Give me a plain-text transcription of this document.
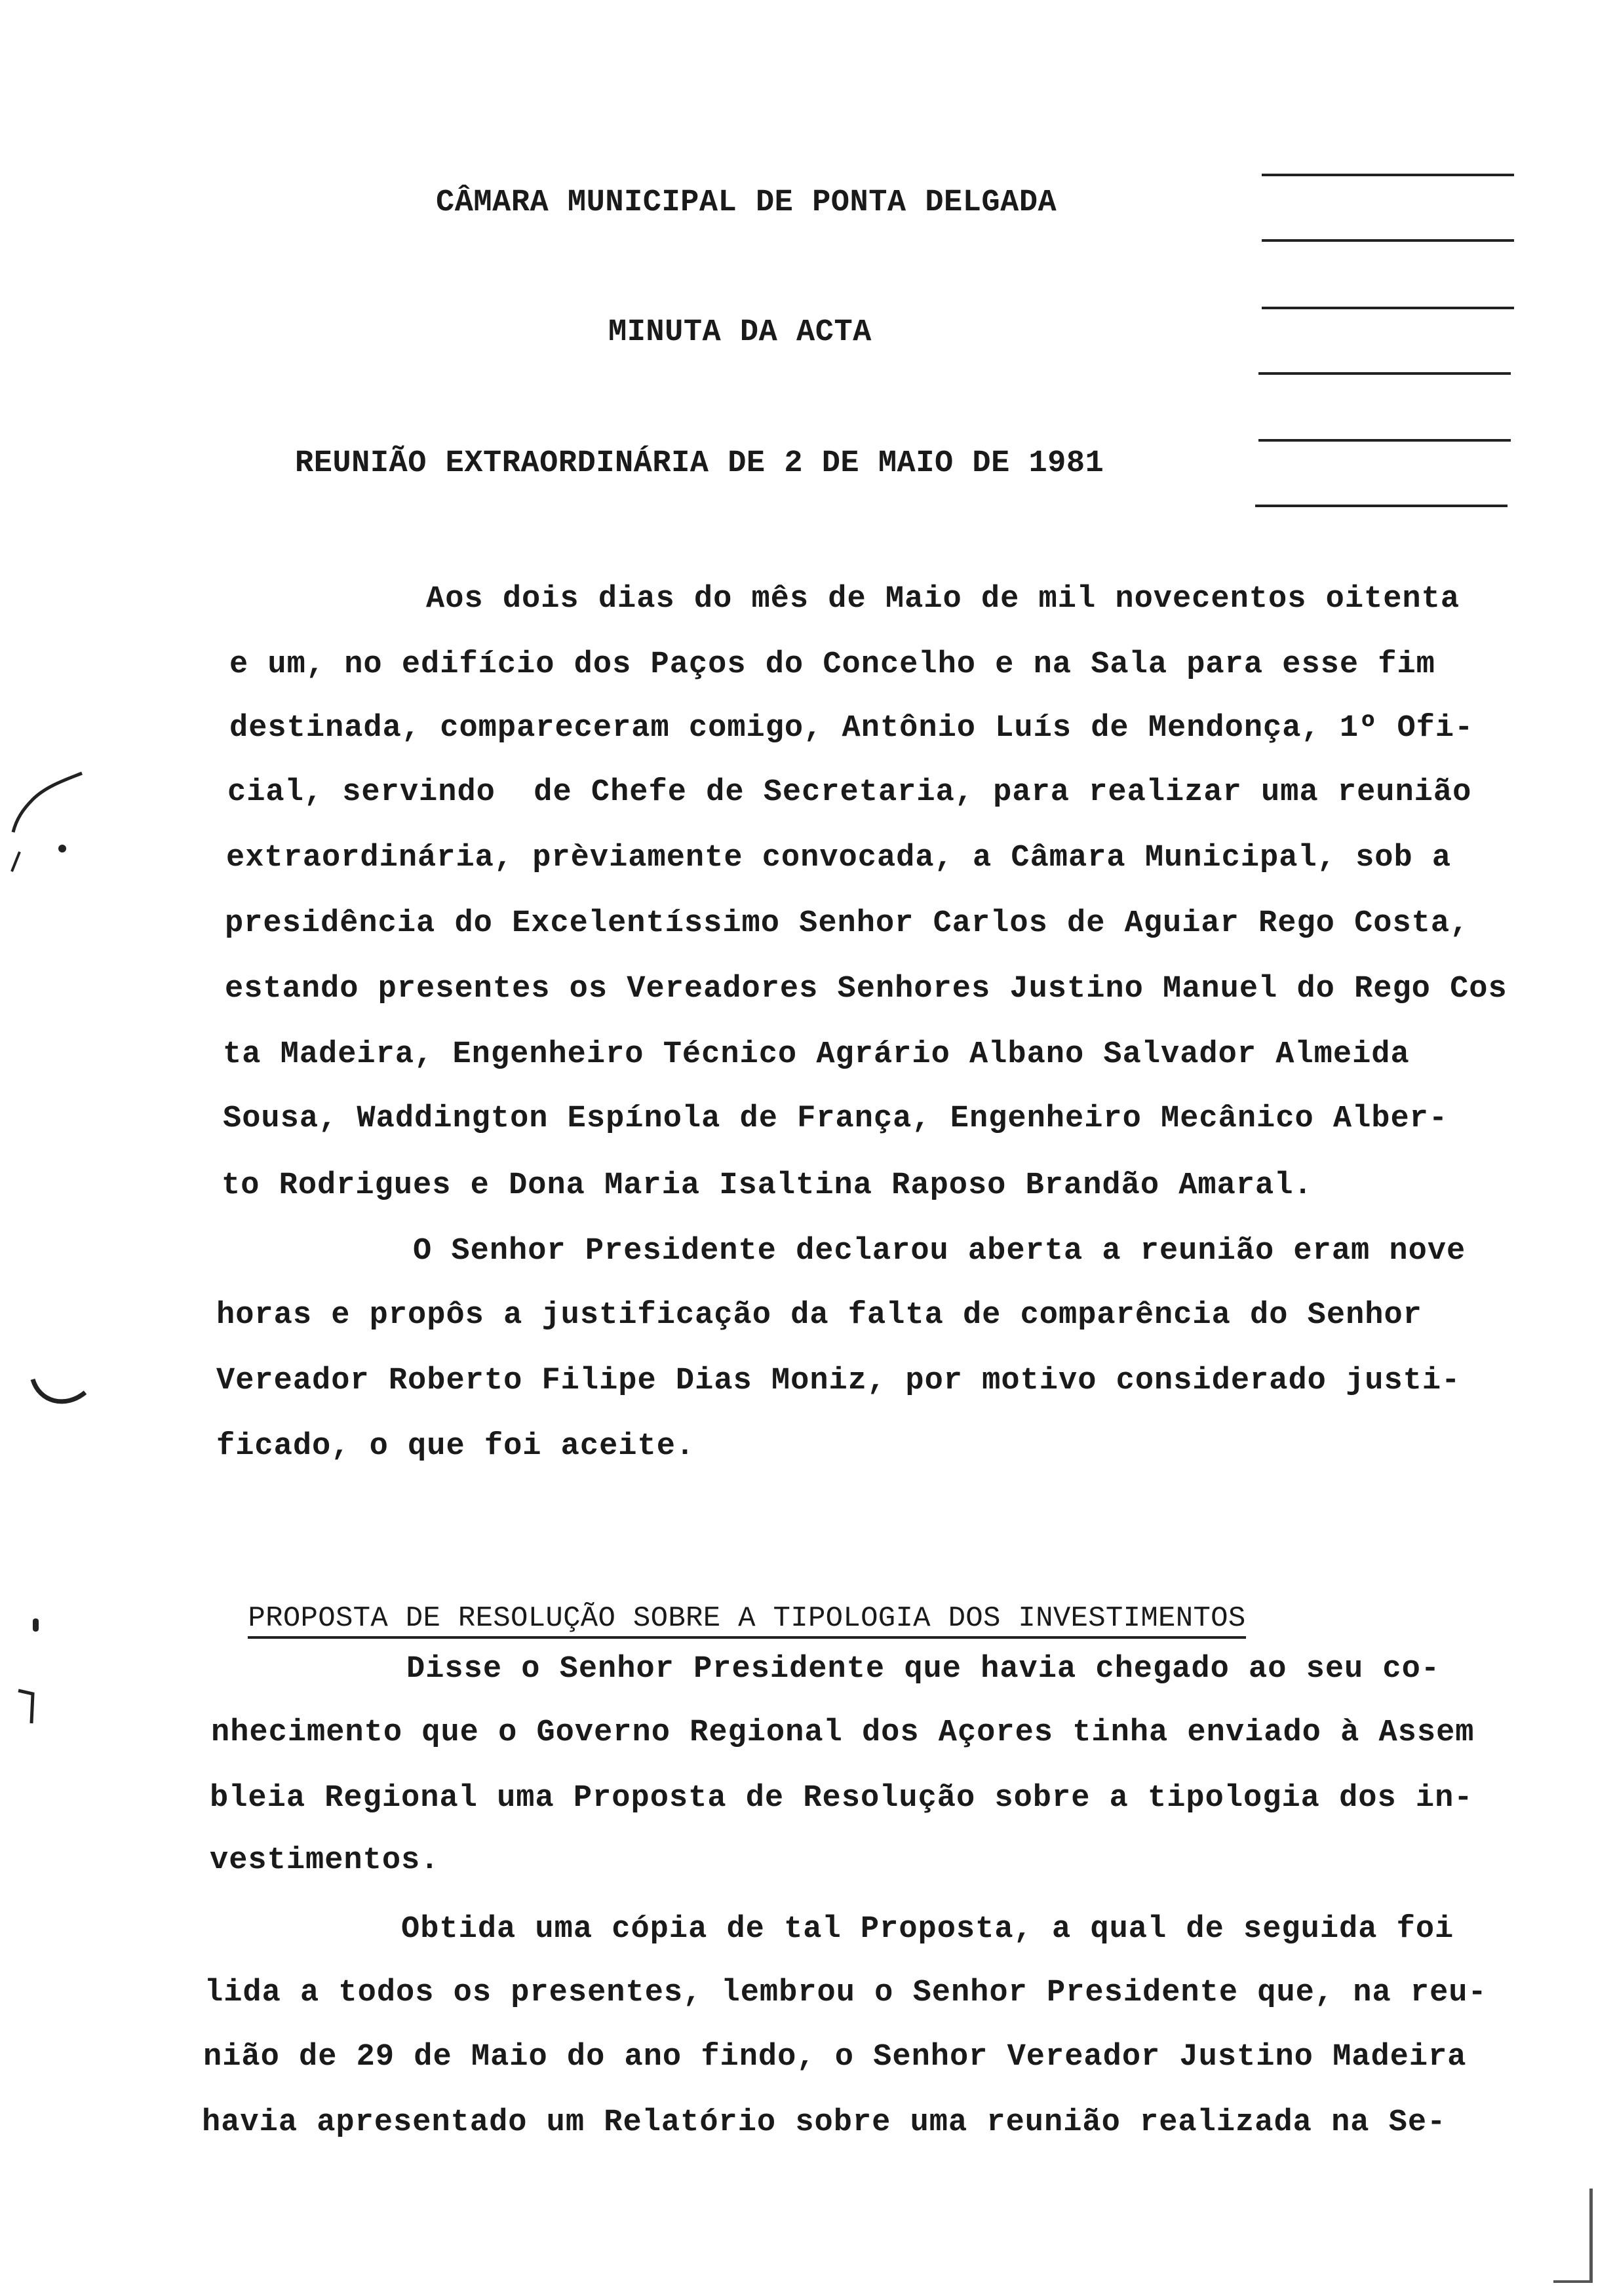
CÂMARA MUNICIPAL DE PONTA DELGADA
MINUTA DA ACTA
REUNIÃO EXTRAORDINÁRIA DE 2 DE MAIO DE 1981
Aos dois dias do mês de Maio de mil novecentos oitenta
e um, no edifício dos Paços do Concelho e na Sala para esse fim
destinada, compareceram comigo, Antônio Luís de Mendonça, 1º Ofi-
cial, servindo  de Chefe de Secretaria, para realizar uma reunião
extraordinária, prèviamente convocada, a Câmara Municipal, sob a
presidência do Excelentíssimo Senhor Carlos de Aguiar Rego Costa,
estando presentes os Vereadores Senhores Justino Manuel do Rego Cos
ta Madeira, Engenheiro Técnico Agrário Albano Salvador Almeida
Sousa, Waddington Espínola de França, Engenheiro Mecânico Alber-
to Rodrigues e Dona Maria Isaltina Raposo Brandão Amaral.
O Senhor Presidente declarou aberta a reunião eram nove
horas e propôs a justificação da falta de comparência do Senhor
Vereador Roberto Filipe Dias Moniz, por motivo considerado justi-
ficado, o que foi aceite.

PROPOSTA DE RESOLUÇÃO SOBRE A TIPOLOGIA DOS INVESTIMENTOS

Disse o Senhor Presidente que havia chegado ao seu co-
nhecimento que o Governo Regional dos Açores tinha enviado à Assem
bleia Regional uma Proposta de Resolução sobre a tipologia dos in-
vestimentos.
Obtida uma cópia de tal Proposta, a qual de seguida foi
lida a todos os presentes, lembrou o Senhor Presidente que, na reu-
nião de 29 de Maio do ano findo, o Senhor Vereador Justino Madeira
havia apresentado um Relatório sobre uma reunião realizada na Se-
